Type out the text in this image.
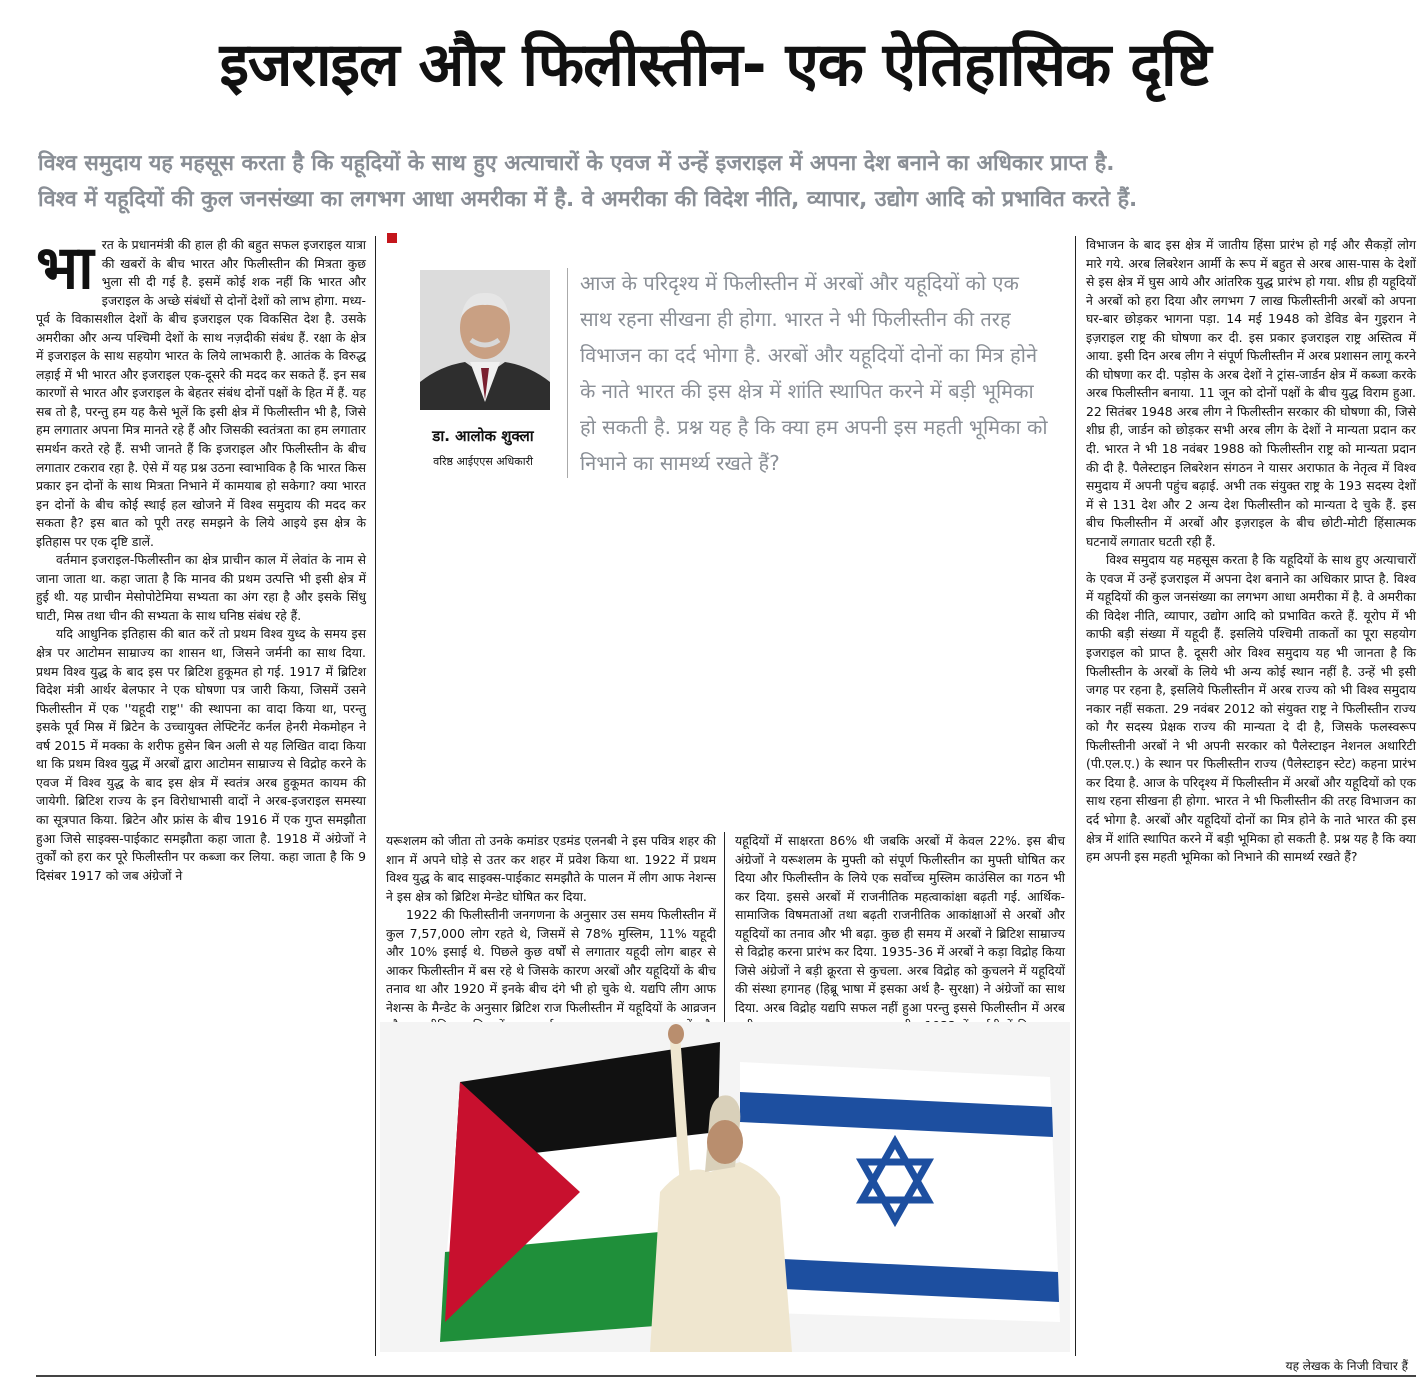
इजराइल और फिलीस्तीन- एक ऐतिहासिक दृष्टि
विश्व समुदाय यह महसूस करता है कि यहूदियों के साथ हुए अत्याचारों के एवज में उन्हें इजराइल में अपना देश बनाने का अधिकार प्राप्त है.
विश्व में यहूदियों की कुल जनसंख्या का लगभग आधा अमरीका में है. वे अमरीका की विदेश नीति, व्यापार, उद्योग आदि को प्रभावित करते हैं.
भा रत के प्रधानमंत्री की हाल ही की बहुत सफल इजराइल यात्रा की खबरों के बीच भारत और फिलीस्तीन की मित्रता कुछ भुला सी दी गई है. इसमें कोई शक नहीं कि भारत और इजराइल के अच्छे संबंधों से दोनों देशों को लाभ होगा. मध्य-पूर्व के विकासशील देशों के बीच इजराइल एक विकसित देश है. उसके अमरीका और अन्य पश्चिमी देशों के साथ नज़दीकी संबंध हैं. रक्षा के क्षेत्र में इजराइल के साथ सहयोग भारत के लिये लाभकारी है. आतंक के विरुद्ध लड़ाई में भी भारत और इजराइल एक-दूसरे की मदद कर सकते हैं. इन सब कारणों से भारत और इजराइल के बेहतर संबंध दोनों पक्षों के हित में हैं. यह सब तो है, परन्तु हम यह कैसे भूलें कि इसी क्षेत्र में फिलीस्तीन भी है, जिसे हम लगातार अपना मित्र मानते रहे हैं और जिसकी स्वतंत्रता का हम लगातार समर्थन करते रहे हैं. सभी जानते हैं कि इजराइल और फिलीस्तीन के बीच लगातार टकराव रहा है. ऐसे में यह प्रश्न उठना स्वाभाविक है कि भारत किस प्रकार इन दोनों के साथ मित्रता निभाने में कामयाब हो सकेगा? क्या भारत इन दोनों के बीच कोई स्थाई हल खोजने में विश्व समुदाय की मदद कर सकता है? इस बात को पूरी तरह समझने के लिये आइये इस क्षेत्र के इतिहास पर एक दृष्टि डालें.

वर्तमान इजराइल-फिलीस्तीन का क्षेत्र प्राचीन काल में लेवांत के नाम से जाना जाता था. कहा जाता है कि मानव की प्रथम उत्पत्ति भी इसी क्षेत्र में हुई थी. यह प्राचीन मेसोपोटेमिया सभ्यता का अंग रहा है और इसके सिंधु घाटी, मिस्र तथा चीन की सभ्यता के साथ घनिष्ठ संबंध रहे हैं.

यदि आधुनिक इतिहास की बात करें तो प्रथम विश्व युध्द के समय इस क्षेत्र पर आटोमन साम्राज्य का शासन था, जिसने जर्मनी का साथ दिया. प्रथम विश्व युद्ध के बाद इस पर ब्रिटिश हुकूमत हो गई. 1917 में ब्रिटिश विदेश मंत्री आर्थर बेलफार ने एक घोषणा पत्र जारी किया, जिसमें उसने फिलीस्तीन में एक ''यहूदी राष्ट्र'' की स्थापना का वादा किया था, परन्तु इसके पूर्व मिस्र में ब्रिटेन के उच्चायुक्त लेफ्टिनेंट कर्नल हेनरी मेकमोहन ने वर्ष 2015 में मक्का के शरीफ हुसेन बिन अली से यह लिखित वादा किया था कि प्रथम विश्व युद्ध में अरबों द्वारा आटोमन साम्राज्य से विद्रोह करने के एवज में विश्व युद्ध के बाद इस क्षेत्र में स्वतंत्र अरब हुकूमत कायम की जायेगी. ब्रिटिश राज्य के इन विरोधाभासी वादों ने अरब-इजराइल समस्या का सूत्रपात किया. ब्रिटेन और फ्रांस के बीच 1916 में एक गुप्त समझौता हुआ जिसे साइक्स-पाईकाट समझौता कहा जाता है. 1918 में अंग्रेजों ने तुर्कों को हरा कर पूरे फिलीस्तीन पर कब्जा कर लिया. कहा जाता है कि 9 दिसंबर 1917 को जब अंग्रेजों ने

डा. आलोक शुक्ला
वरिष्ठ आईएएस अधिकारी
आज के परिदृश्य में फिलीस्तीन में अरबों और यहूदियों को एक साथ रहना सीखना ही होगा. भारत ने भी फिलीस्तीन की तरह विभाजन का दर्द भोगा है. अरबों और यहूदियों दोनों का मित्र होने के नाते भारत की इस क्षेत्र में शांति स्थापित करने में बड़ी भूमिका हो सकती है. प्रश्न यह है कि क्या हम अपनी इस महती भूमिका को निभाने का सामर्थ्य रखते हैं?

यरूशलम को जीता तो उनके कमांडर एडमंड एलनबी ने इस पवित्र शहर की शान में अपने घोड़े से उतर कर शहर में प्रवेश किया था. 1922 में प्रथम विश्व युद्ध के बाद साइक्स-पाईकाट समझौते के पालन में लीग आफ नेशन्स ने इस क्षेत्र को ब्रिटिश मेन्डेट घोषित कर दिया.

1922 की फिलीस्तीनी जनगणना के अनुसार उस समय फिलीस्तीन में कुल 7,57,000 लोग रहते थे, जिसमें से 78% मुस्लिम, 11% यहूदी और 10% इसाई थे. पिछले कुछ वर्षों से लगातार यहूदी लोग बाहर से आकर फिलीस्तीन में बस रहे थे जिसके कारण अरबों और यहूदियों के बीच तनाव था और 1920 में इनके बीच दंगे भी हो चुके थे. यद्यपि लीग आफ नेशन्स के मैन्डेट के अनुसार ब्रिटिश राज फिलीस्तीन में यहूदियों के आव्रजन

यहूदियों में साक्षरता 86% थी जबकि अरबों में केवल 22%. इस बीच अंग्रेजों ने यरूशलम के मुफ्ती को संपूर्ण फिलीस्तीन का मुफ्ती घोषित कर दिया और फिलीस्तीन के लिये एक सर्वोच्च मुस्लिम काउंसिल का गठन भी कर दिया. इससे अरबों में राजनीतिक महत्वाकांक्षा बढ़ती गई. आर्थिक-सामाजिक विषमताओं तथा बढ़ती राजनीतिक आकांक्षाओं से अरबों और यहूदियों का तनाव और भी बढ़ा. कुछ ही समय में अरबों ने ब्रिटिश साम्राज्य से विद्रोह करना प्रारंभ कर दिया. 1935-36 में अरबों ने कड़ा विद्रोह किया जिसे अंग्रेजों ने बड़ी क्रूरता से कुचला. अरब विद्रोह को कुचलने में यहूदियों की संस्था हगानह (हिब्रू भाषा में इसका अर्थ है- सुरक्षा) ने अंग्रेजों का साथ दिया. अरब विद्रोह यद्यपि सफल नहीं हुआ परन्तु इससे फिलीस्तीन में अरब

विभाजन के बाद इस क्षेत्र में जातीय हिंसा प्रारंभ हो गई और सैकड़ों लोग मारे गये. अरब लिबरेशन आर्मी के रूप में बहुत से अरब आस-पास के देशों से इस क्षेत्र में घुस आये और आंतरिक युद्ध प्रारंभ हो गया. शीघ्र ही यहूदियों ने अरबों को हरा दिया और लगभग 7 लाख फिलीस्तीनी अरबों को अपना घर-बार छोड़कर भागना पड़ा. 14 मई 1948 को डेविड बेन गुइरान ने इज़राइल राष्ट्र की घोषणा कर दी. इस प्रकार इजराइल राष्ट्र अस्तित्व में आया. इसी दिन अरब लीग ने संपूर्ण फिलीस्तीन में अरब प्रशासन लागू करने की घोषणा कर दी. पड़ोस के अरब देशों ने ट्रांस-जार्डन क्षेत्र में कब्जा करके अरब फिलीस्तीन बनाया. 11 जून को दोनों पक्षों के बीच युद्ध विराम हुआ. 22 सितंबर 1948 अरब लीग ने फिलीस्तीन सरकार की घोषणा की, जिसे शीघ्र ही, जार्डन को छोड़कर सभी अरब लीग के देशों ने मान्यता प्रदान कर दी. भारत ने भी 18 नवंबर 1988 को फिलीस्तीन राष्ट्र को मान्यता प्रदान की दी है. पैलेस्टाइन लिबरेशन संगठन ने यासर अराफात के नेतृत्व में विश्व समुदाय में अपनी पहुंच बढ़ाई. अभी तक संयुक्त राष्ट्र के 193 सदस्य देशों में से 131 देश और 2 अन्य देश फिलीस्तीन को मान्यता दे चुके हैं. इस बीच फिलीस्तीन में अरबों और इज़राइल के बीच छोटी-मोटी हिंसात्मक घटनायें लगातार घटती रही हैं.

विश्व समुदाय यह महसूस करता है कि यहूदियों के साथ हुए अत्याचारों के एवज में उन्हें इजराइल में अपना देश बनाने का अधिकार प्राप्त है. विश्व में यहूदियों की कुल जनसंख्या का लगभग आधा अमरीका में है. वे अमरीका की विदेश नीति, व्यापार, उद्योग आदि को प्रभावित करते हैं. यूरोप में भी काफी बड़ी संख्या में यहूदी हैं. इसलिये पश्चिमी ताकतों का पूरा सहयोग इजराइल को प्राप्त है. दूसरी ओर विश्व समुदाय यह भी जानता है कि फिलीस्तीन के अरबों के लिये भी अन्य कोई स्थान नहीं है. उन्हें भी इसी जगह पर रहना है, इसलिये फिलीस्तीन में अरब राज्य को भी विश्व समुदाय नकार नहीं सकता. 29 नवंबर 2012 को संयुक्त राष्ट्र ने फिलीस्तीन राज्य को गैर सदस्य प्रेक्षक राज्य की मान्यता दे दी है, जिसके फलस्वरूप फिलीस्तीनी अरबों ने भी अपनी सरकार को पैलेस्टाइन नेशनल अथारिटी (पी.एल.ए.) के स्थान पर फिलीस्तीन राज्य (पैलेस्टाइन स्टेट) कहना प्रारंभ कर दिया है. आज के परिदृश्य में फिलीस्तीन में अरबों और यहूदियों को एक साथ रहना सीखना ही होगा. भारत ने भी फिलीस्तीन की तरह विभाजन का दर्द भोगा है. अरबों और यहूदियों दोनों का मित्र होने के नाते भारत की इस क्षेत्र में शांति स्थापित करने में बड़ी भूमिका हो सकती है. प्रश्न यह है कि क्या हम अपनी इस महती भूमिका को निभाने की सामर्थ्य रखते हैं?

यह लेखक के निजी विचार हैं
